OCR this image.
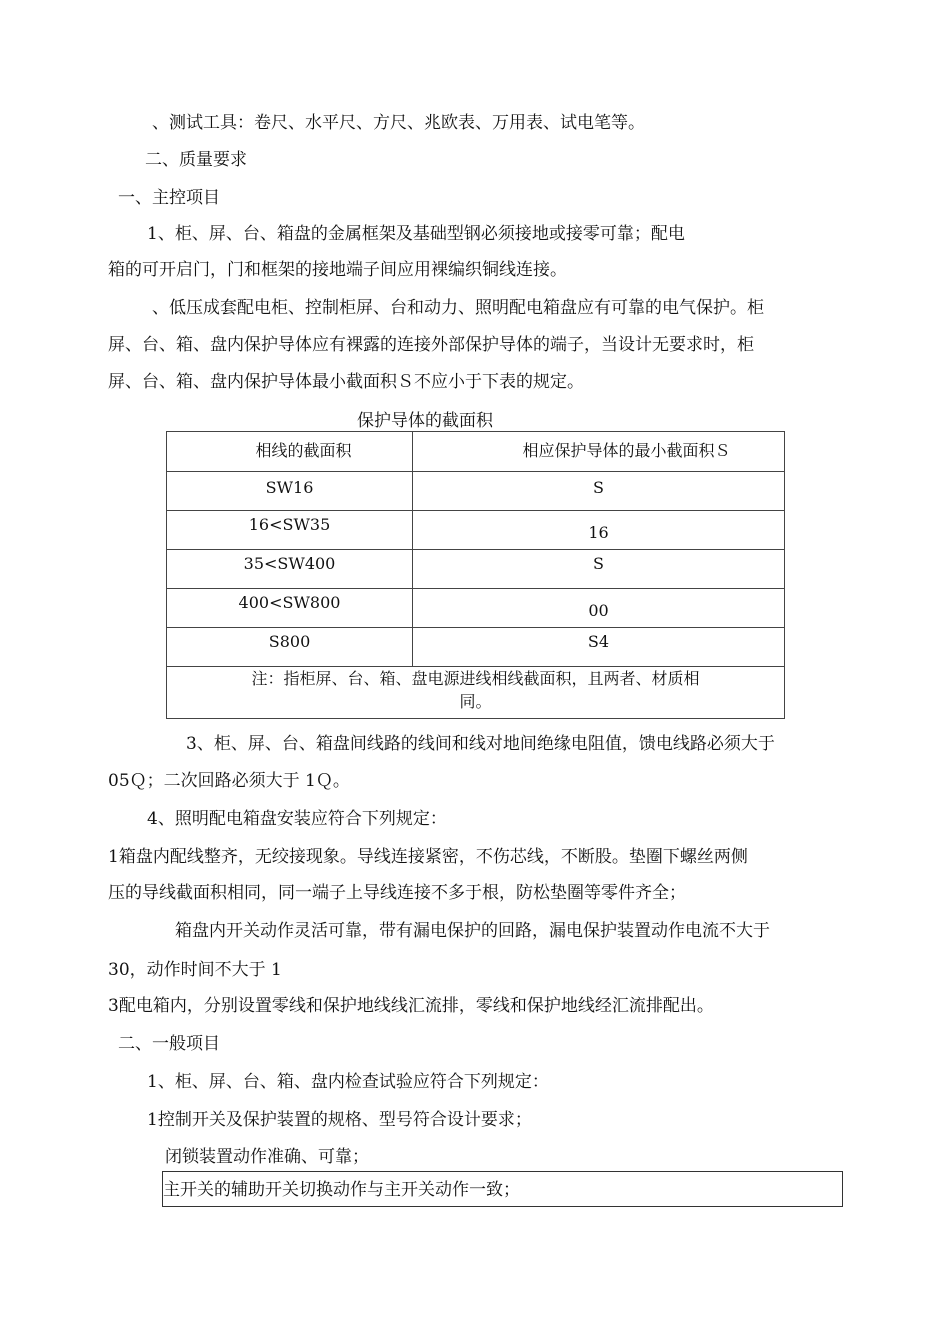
、测试工具：卷尺、水平尺、方尺、兆欧表、万用表、试电笔等。
二、质量要求
一、主控项目
1、柜、屏、台、箱盘的金属框架及基础型钢必须接地或接零可靠；配电
箱的可开启门，门和框架的接地端子间应用裸编织铜线连接。
、低压成套配电柜、控制柜屏、台和动力、照明配电箱盘应有可靠的电气保护。柜
屏、台、箱、盘内保护导体应有裸露的连接外部保护导体的端子，当设计无要求时，柜
屏、台、箱、盘内保护导体最小截面积Ｓ不应小于下表的规定。
保护导体的截面积
相线的截面积	相应保护导体的最小截面积Ｓ
SW16	S
16<SW35	16
35<SW400	S
400<SW800	00
S800	S4

注：指柜屏、台、箱、盘电源进线相线截面积，且两者、材质相
同。	
3、柜、屏、台、箱盘间线路的线间和线对地间绝缘电阻值，馈电线路必须大于
05Ｑ；二次回路必须大于 1Ｑ。
4、照明配电箱盘安装应符合下列规定：
1箱盘内配线整齐，无绞接现象。导线连接紧密，不伤芯线，不断股。垫圈下螺丝两侧
压的导线截面积相同，同一端子上导线连接不多于根，防松垫圈等零件齐全；
箱盘内开关动作灵活可靠，带有漏电保护的回路，漏电保护装置动作电流不大于
30，动作时间不大于 1
3配电箱内，分别设置零线和保护地线线汇流排，零线和保护地线经汇流排配出。
二、一般项目
1、柜、屏、台、箱、盘内检查试验应符合下列规定：
1控制开关及保护装置的规格、型号符合设计要求；
闭锁装置动作准确、可靠；
主开关的辅助开关切换动作与主开关动作一致；
